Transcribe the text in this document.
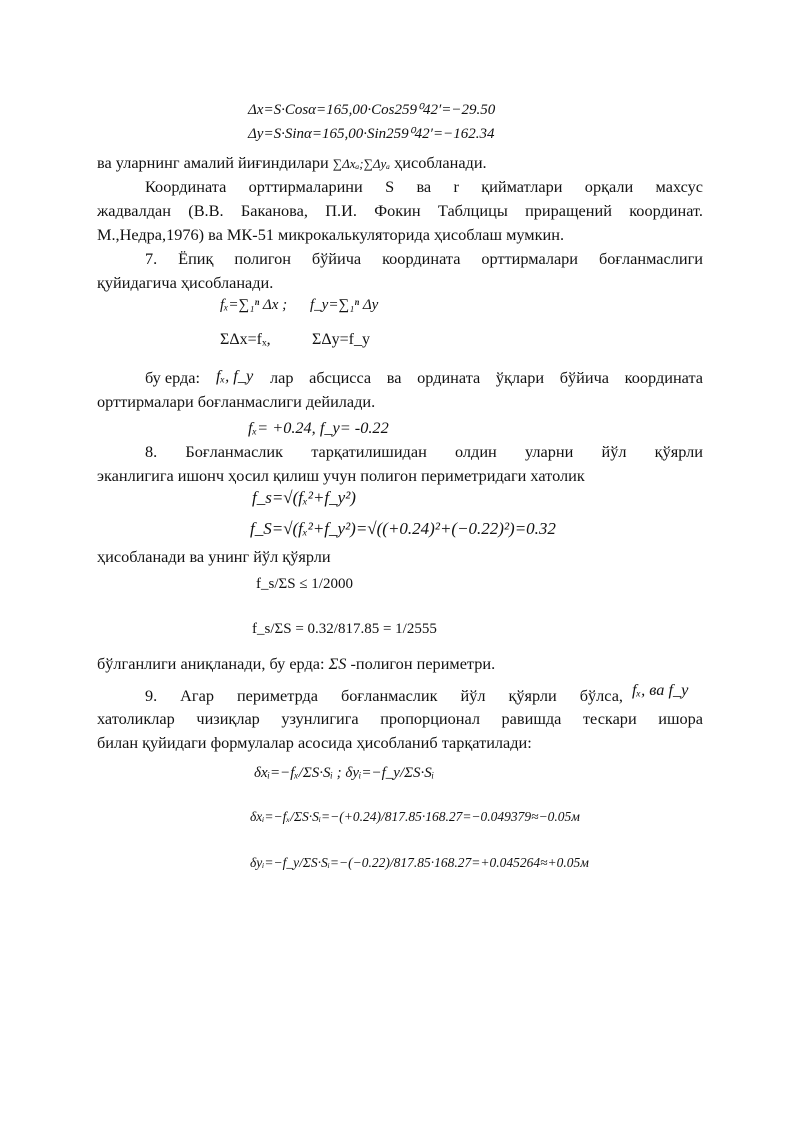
Δx=S·Cosα=165,00·Cos259⁰42′=−29.50
Δy=S·Sinα=165,00·Sin259⁰42′=−162.34
ва уларнинг амалий йиғиндилари ∑Δxₐ;∑Δyₐ ҳисобланади.
Координата орттирмаларини S ва r қийматлари орқали махсус
жадвалдан (В.В. Баканова, П.И. Фокин Таблцицы приращений координат.
М.,Недра,1976) ва МК-51 микрокалькуляторида ҳисоблаш мумкин.
7. Ёпиқ полигон бўйича координата орттирмалари боғланмаслиги
қуйидагича ҳисобланади.
fₓ=∑₁ⁿ Δx ; f_y=∑₁ⁿ Δy
ΣΔx=fₓ,	ΣΔy=f_y
бу ерда: fₓ, f_y лар абсцисса ва ордината ўқлари бўйича координата
орттирмалари боғланмаслиги дейилади.
fₓ= +0.24, f_y= -0.22
8. Боғланмаслик тарқатилишидан олдин уларни йўл қўярли
эканлигига ишонч ҳосил қилиш учун полигон периметридаги хатолик
f_s=√(fₓ²+f_y²)
f_S=√(fₓ²+f_y²)=√((+0.24)²+(−0.22)²)=0.32
ҳисобланади ва унинг йўл қўярли
f_s/ΣS ≤ 1/2000
f_s/ΣS = 0.32/817.85 = 1/2555
бўлганлиги аниқланади, бу ерда: ΣS -полигон периметри.
9. Агар периметрда боғланмаслик йўл қўярли бўлса, fₓ, ва f_y
хатоликлар чизиқлар узунлигига пропорционал равишда тескари ишора
билан қуйидаги формулалар асосида ҳисобланиб тарқатилади:
δxᵢ=−fₓ/ΣS·Sᵢ ; δyᵢ=−f_y/ΣS·Sᵢ
δxᵢ=−fₓ/ΣS·Sᵢ=−(+0.24)/817.85·168.27=−0.049379≈−0.05м
δyᵢ=−f_y/ΣS·Sᵢ=−(−0.22)/817.85·168.27=+0.045264≈+0.05м
